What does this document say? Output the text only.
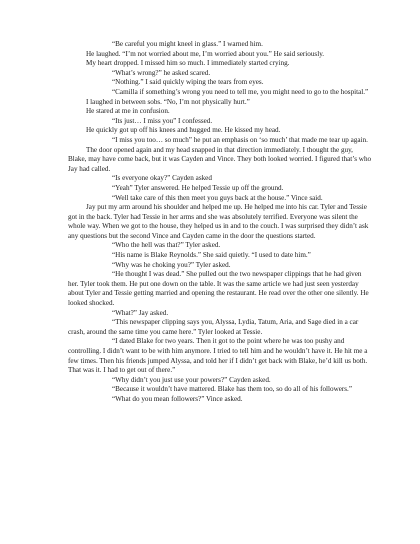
“Be careful you might kneel in glass.” I warned him.

He laughed. “I’m not worried about me, I’m worried about you.” He said seriously.

My heart dropped. I missed him so much. I immediately started crying.

“What’s wrong?” he asked scared.

“Nothing.” I said quickly wiping the tears from eyes.

“Camilla if something’s wrong you need to tell me, you might need to go to the hospital.”

I laughed in between sobs. “No, I’m not physically hurt.”

He stared at me in confusion.

“Its just… I miss you” I confessed.

He quickly got up off his knees and hugged me. He kissed my head.

“I miss you too… so much” he put an emphasis on ‘so much’ that made me tear up again.

The door opened again and my head snapped in that direction immediately. I thought the guy, Blake, may have come back, but it was Cayden and Vince. They both looked worried. I figured that’s who Jay had called.

“Is everyone okay?” Cayden asked

“Yeah” Tyler answered. He helped Tessie up off the ground.

“Well take care of this then meet you guys back at the house.” Vince said.

Jay put my arm around his shoulder and helped me up. He helped me into his car. Tyler and Tessie got in the back. Tyler had Tessie in her arms and she was absolutely terrified. Everyone was silent the whole way. When we got to the house, they helped us in and to the couch. I was surprised they didn’t ask any questions but the second Vince and Cayden came in the door the questions started.

“Who the hell was that?” Tyler asked.

“His name is Blake Reynolds.” She said quietly. “I used to date him.”

“Why was he choking you?” Tyler asked.

“He thought I was dead.” She pulled out the two newspaper clippings that he had given her. Tyler took them. He put one down on the table. It was the same article we had just seen yesterday about Tyler and Tessie getting married and opening the restaurant. He read over the other one silently. He looked shocked.

“What?” Jay asked.

“This newspaper clipping says you, Alyssa, Lydia, Tatum, Aria, and Sage died in a car crash, around the same time you came here.” Tyler looked at Tessie.

“I dated Blake for two years. Then it got to the point where he was too pushy and controlling. I didn’t want to be with him anymore. I tried to tell him and he wouldn’t have it. He hit me a few times. Then his friends jumped Alyssa, and told her if I didn’t get back with Blake, he’d kill us both. That was it. I had to get out of there.”

“Why didn’t you just use your powers?” Cayden asked.

“Because it wouldn’t have mattered. Blake has them too, so do all of his followers.”

“What do you mean followers?” Vince asked.
